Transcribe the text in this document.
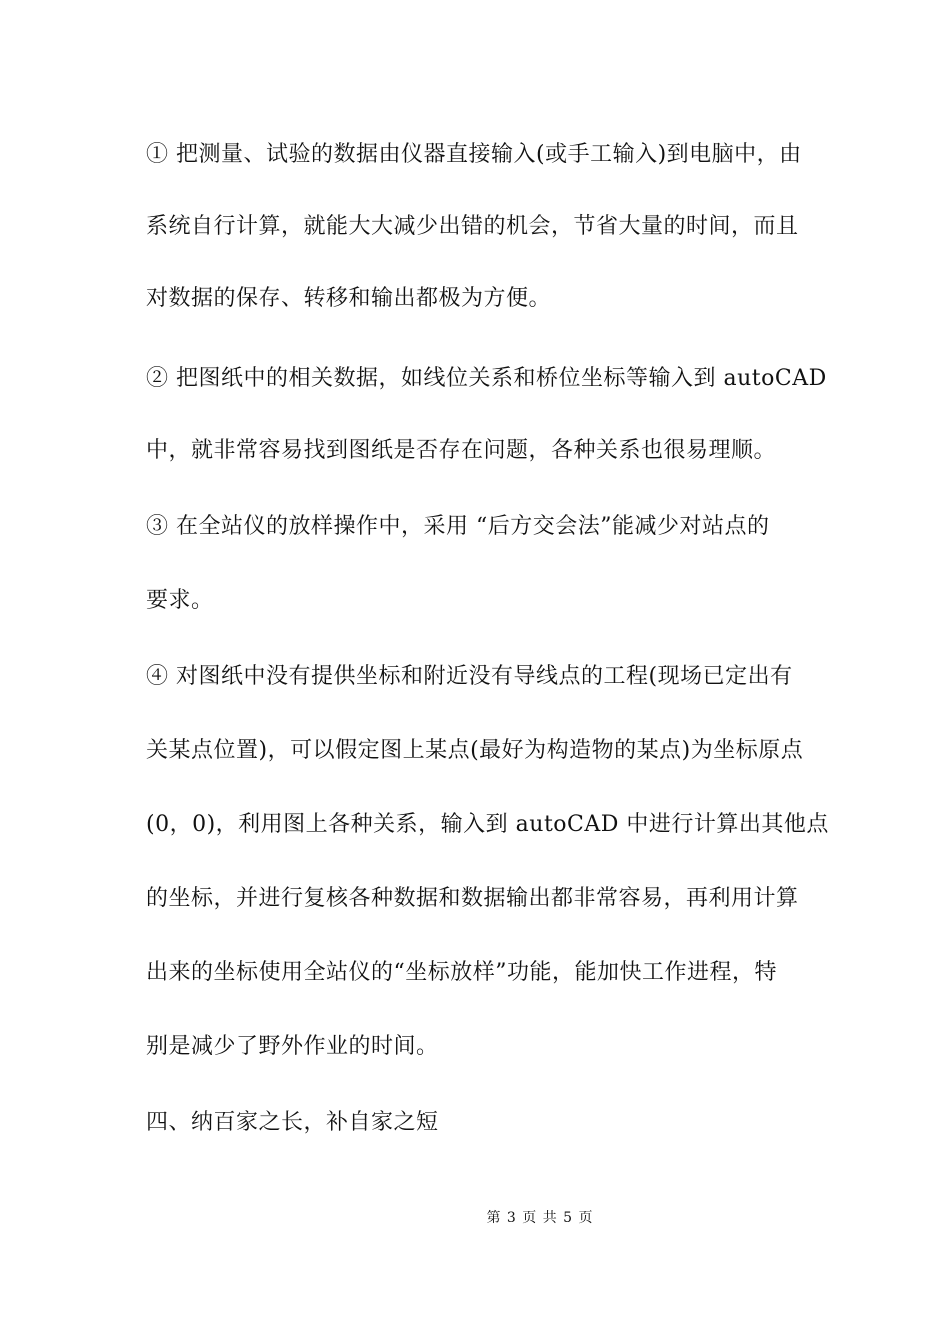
① 把测量、试验的数据由仪器直接输入(或手工输入)到电脑中，由
系统自行计算，就能大大减少出错的机会，节省大量的时间，而且
对数据的保存、转移和输出都极为方便。
② 把图纸中的相关数据，如线位关系和桥位坐标等输入到 autoCAD
中，就非常容易找到图纸是否存在问题，各种关系也很易理顺。
③ 在全站仪的放样操作中，采用 “后方交会法”能减少对站点的
要求。
④ 对图纸中没有提供坐标和附近没有导线点的工程(现场已定出有
关某点位置)，可以假定图上某点(最好为构造物的某点)为坐标原点
(0，0)，利用图上各种关系，输入到 autoCAD 中进行计算出其他点
的坐标，并进行复核各种数据和数据输出都非常容易，再利用计算
出来的坐标使用全站仪的“坐标放样”功能，能加快工作进程，特
别是减少了野外作业的时间。
四、纳百家之长，补自家之短
第 3 页 共 5 页
